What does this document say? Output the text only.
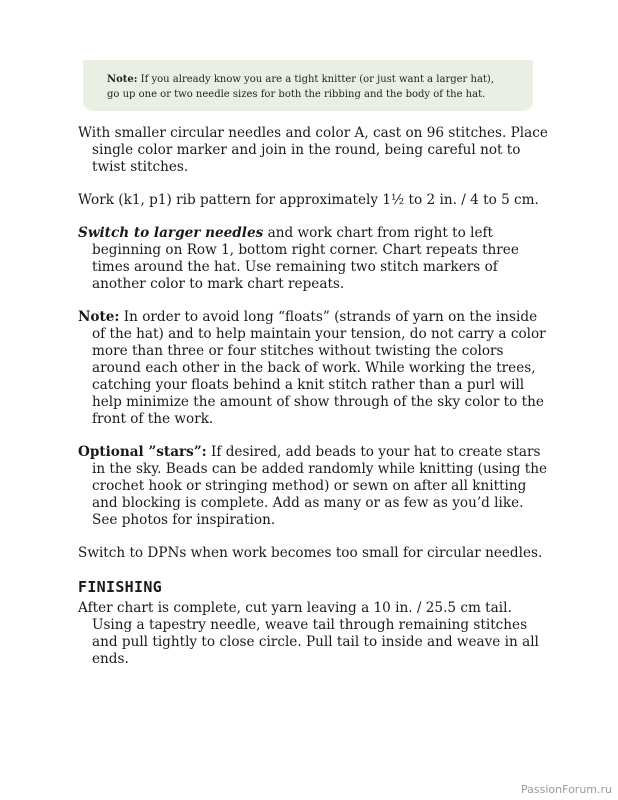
Note: If you already know you are a tight knitter (or just want a larger hat),
go up one or two needle sizes for both the ribbing and the body of the hat.

With smaller circular needles and color A, cast on 96 stitches. Place single color marker and join in the round, being careful not to twist stitches.

Work (k1, p1) rib pattern for approximately 1½ to 2 in. / 4 to 5 cm.

Switch to larger needles and work chart from right to left beginning on Row 1, bottom right corner. Chart repeats three times around the hat. Use remaining two stitch markers of another color to mark chart repeats.

Note: In order to avoid long “floats” (strands of yarn on the inside of the hat) and to help maintain your tension, do not carry a color more than three or four stitches without twisting the colors around each other in the back of work. While working the trees, catching your floats behind a knit stitch rather than a purl will help minimize the amount of show through of the sky color to the front of the work.

Optional ”stars”: If desired, add beads to your hat to create stars in the sky. Beads can be added randomly while knitting (using the crochet hook or stringing method) or sewn on after all knitting and blocking is complete. Add as many or as few as you’d like. See photos for inspiration.

Switch to DPNs when work becomes too small for circular needles.

FINISHING

After chart is complete, cut yarn leaving a 10 in. / 25.5 cm tail. Using a tapestry needle, weave tail through remaining stitches and pull tightly to close circle. Pull tail to inside and weave in all ends.

PassionForum.ru
